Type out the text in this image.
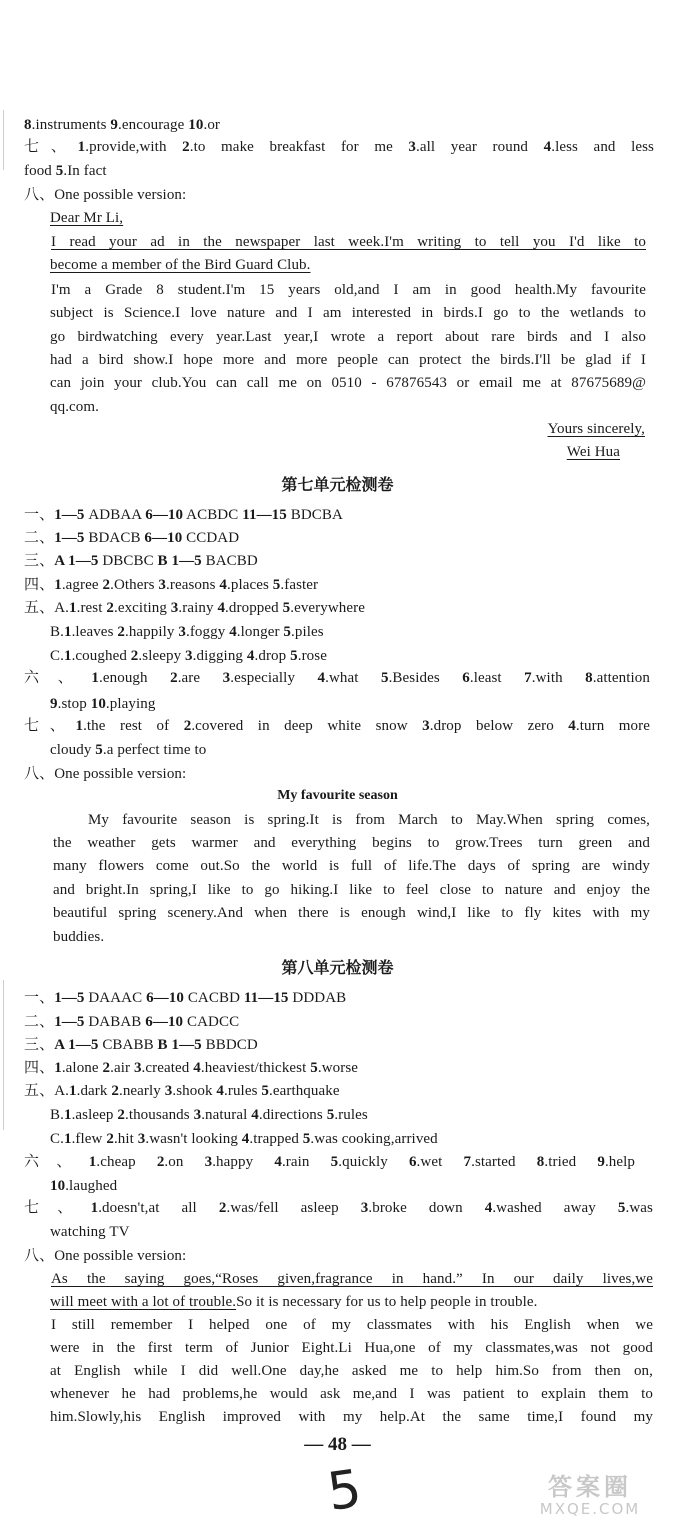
8.instruments 9.encourage 10.or
七、1.provide,with 2.to make breakfast for me 3.all year round 4.less and less
food 5.In fact
八、One possible version:
Dear Mr Li,
I read your ad in the newspaper last week.I'm writing to tell you I'd like to
become a member of the Bird Guard Club.
I'm a Grade 8 student.I'm 15 years old,and I am in good health.My favourite
subject is Science.I love nature and I am interested in birds.I go to the wetlands to
go birdwatching every year.Last year,I wrote a report about rare birds and I also
had a bird show.I hope more and more people can protect the birds.I'll be glad if I
can join your club.You can call me on 0510 - 67876543 or email me at 87675689@
qq.com.
Yours sincerely,
Wei Hua
第七单元检测卷
一、1—5 ADBAA 6—10 ACBDC 11—15 BDCBA
二、1—5 BDACB 6—10 CCDAD
三、A 1—5 DBCBC B 1—5 BACBD
四、1.agree 2.Others 3.reasons 4.places 5.faster
五、A.1.rest 2.exciting 3.rainy 4.dropped 5.everywhere
B.1.leaves 2.happily 3.foggy 4.longer 5.piles
C.1.coughed 2.sleepy 3.digging 4.drop 5.rose
六、1.enough 2.are 3.especially 4.what 5.Besides 6.least 7.with 8.attention
9.stop 10.playing
七、1.the rest of 2.covered in deep white snow 3.drop below zero 4.turn more
cloudy 5.a perfect time to
八、One possible version:
My favourite season
My favourite season is spring.It is from March to May.When spring comes,
the weather gets warmer and everything begins to grow.Trees turn green and
many flowers come out.So the world is full of life.The days of spring are windy
and bright.In spring,I like to go hiking.I like to feel close to nature and enjoy the
beautiful spring scenery.And when there is enough wind,I like to fly kites with my
buddies.
第八单元检测卷
一、1—5 DAAAC 6—10 CACBD 11—15 DDDAB
二、1—5 DABAB 6—10 CADCC
三、A 1—5 CBABB B 1—5 BBDCD
四、1.alone 2.air 3.created 4.heaviest/thickest 5.worse
五、A.1.dark 2.nearly 3.shook 4.rules 5.earthquake
B.1.asleep 2.thousands 3.natural 4.directions 5.rules
C.1.flew 2.hit 3.wasn't looking 4.trapped 5.was cooking,arrived
六、1.cheap 2.on 3.happy 4.rain 5.quickly 6.wet 7.started 8.tried 9.help
10.laughed
七、1.doesn't,at all 2.was/fell asleep 3.broke down 4.washed away 5.was
watching TV
八、One possible version:
As the saying goes,“Roses given,fragrance in hand.” In our daily lives,we
will meet with a lot of trouble.So it is necessary for us to help people in trouble.
I still remember I helped one of my classmates with his English when we
were in the first term of Junior Eight.Li Hua,one of my classmates,was not good
at English while I did well.One day,he asked me to help him.So from then on,
whenever he had problems,he would ask me,and I was patient to explain them to
him.Slowly,his English improved with my help.At the same time,I found my
— 48 —
5	答案圈
MXQE.COM
